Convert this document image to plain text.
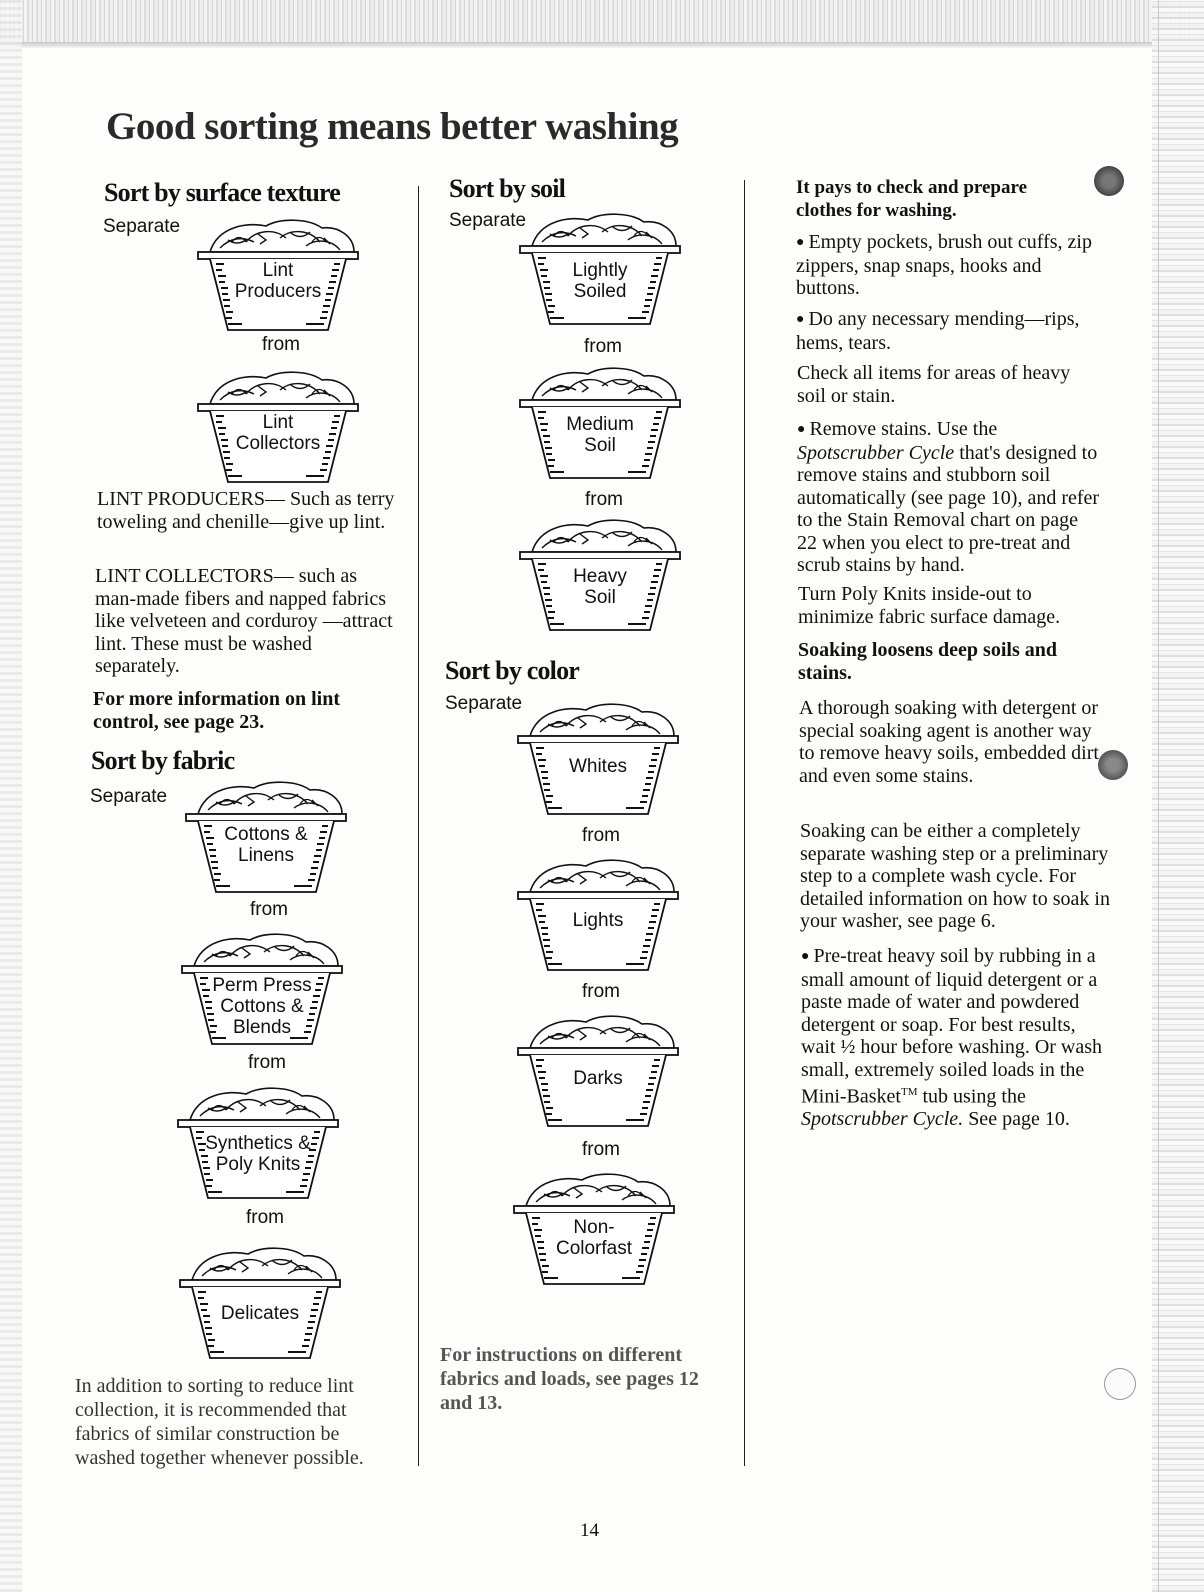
Good sorting means better washing
Sort by surface texture
Separate
Lint
Producers
from
Lint
Collectors

LINT PRODUCERS— Such as terry toweling and chenille—give up lint.

LINT COLLECTORS— such as man-made fibers and napped fabrics like velveteen and corduroy —attract lint. These must be washed separately.

For more information on lint control, see page 23.

Sort by fabric
Separate
Cottons &
Linens
from
Perm Press
Cottons &
Blends
from
Synthetics &
Poly Knits
from
Delicates

In addition to sorting to reduce lint collection, it is recommended that fabrics of similar construction be washed together whenever possible.

Sort by soil
Separate
Lightly
Soiled
from
Medium
Soil
from
Heavy
Soil
Sort by color
Separate
Whites
from
Lights
from
Darks
from
Non-
Colorfast

For instructions on different fabrics and loads, see pages 12 and 13.

It pays to check and prepare clothes for washing.

● Empty pockets, brush out cuffs, zip zippers, snap snaps, hooks and buttons.

● Do any necessary mending—rips, hems, tears.

Check all items for areas of heavy soil or stain.

● Remove stains. Use the Spotscrubber Cycle that's designed to remove stains and stubborn soil automatically (see page 10), and refer to the Stain Removal chart on page 22 when you elect to pre-treat and scrub stains by hand.

Turn Poly Knits inside-out to minimize fabric surface damage.

Soaking loosens deep soils and stains.

A thorough soaking with detergent or special soaking agent is another way to remove heavy soils, embedded dirt and even some stains.

Soaking can be either a completely separate washing step or a preliminary step to a complete wash cycle. For detailed information on how to soak in your washer, see page 6.

● Pre-treat heavy soil by rubbing in a small amount of liquid detergent or a paste made of water and powdered detergent or soap. For best results, wait ½ hour before washing. Or wash small, extremely soiled loads in the Mini-Basket™ tub using the Spotscrubber Cycle. See page 10.

14
